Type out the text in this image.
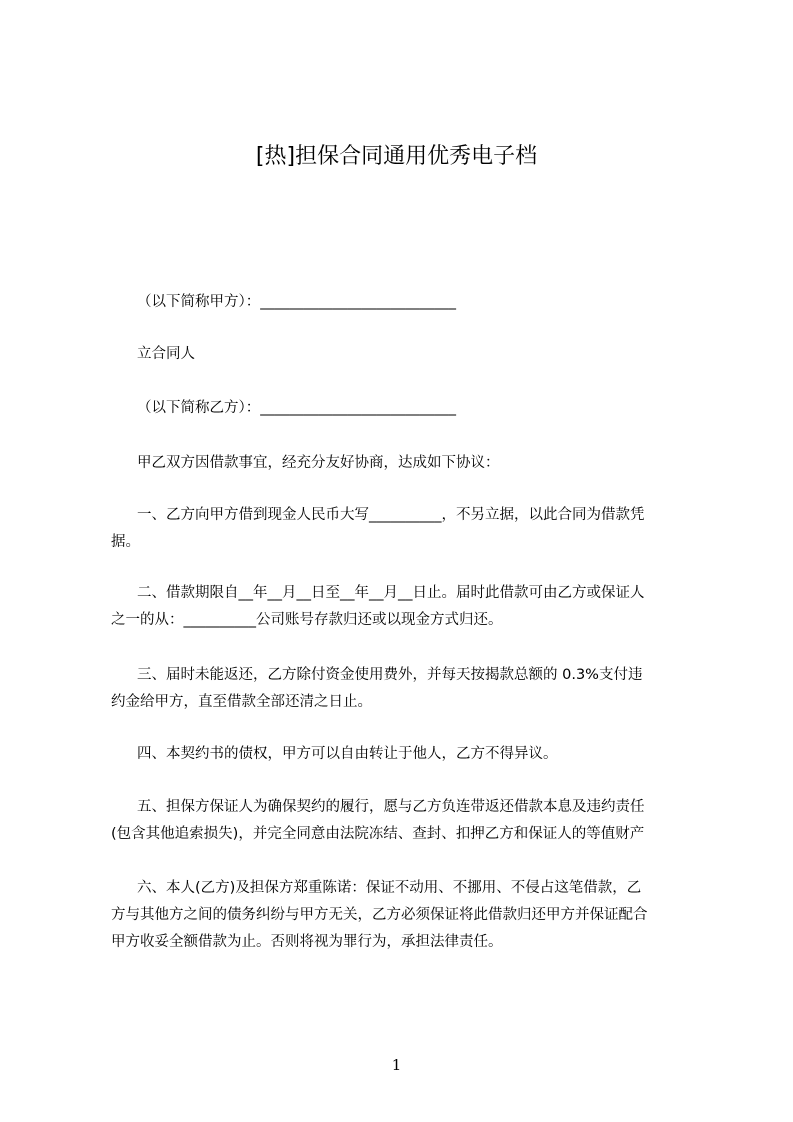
[热]担保合同通用优秀电子档

（以下简称甲方）：___________________________

立合同人

（以下简称乙方）：___________________________

甲乙双方因借款事宜，经充分友好协商，达成如下协议：

一、乙方向甲方借到现金人民币大写__________，不另立据，以此合同为借款凭

据。

二、借款期限自__年__月__日至__年__月__日止。届时此借款可由乙方或保证人

之一的从：__________公司账号存款归还或以现金方式归还。

三、届时未能返还，乙方除付资金使用费外，并每天按揭款总额的 0.3%支付违

约金给甲方，直至借款全部还清之日止。

四、本契约书的债权，甲方可以自由转让于他人，乙方不得异议。

五、担保方保证人为确保契约的履行，愿与乙方负连带返还借款本息及违约责任

(包含其他追索损失)，并完全同意由法院冻结、查封、扣押乙方和保证人的等值财产

六、本人(乙方)及担保方郑重陈诺：保证不动用、不挪用、不侵占这笔借款，乙

方与其他方之间的债务纠纷与甲方无关，乙方必须保证将此借款归还甲方并保证配合

甲方收妥全额借款为止。否则将视为罪行为，承担法律责任。

1
